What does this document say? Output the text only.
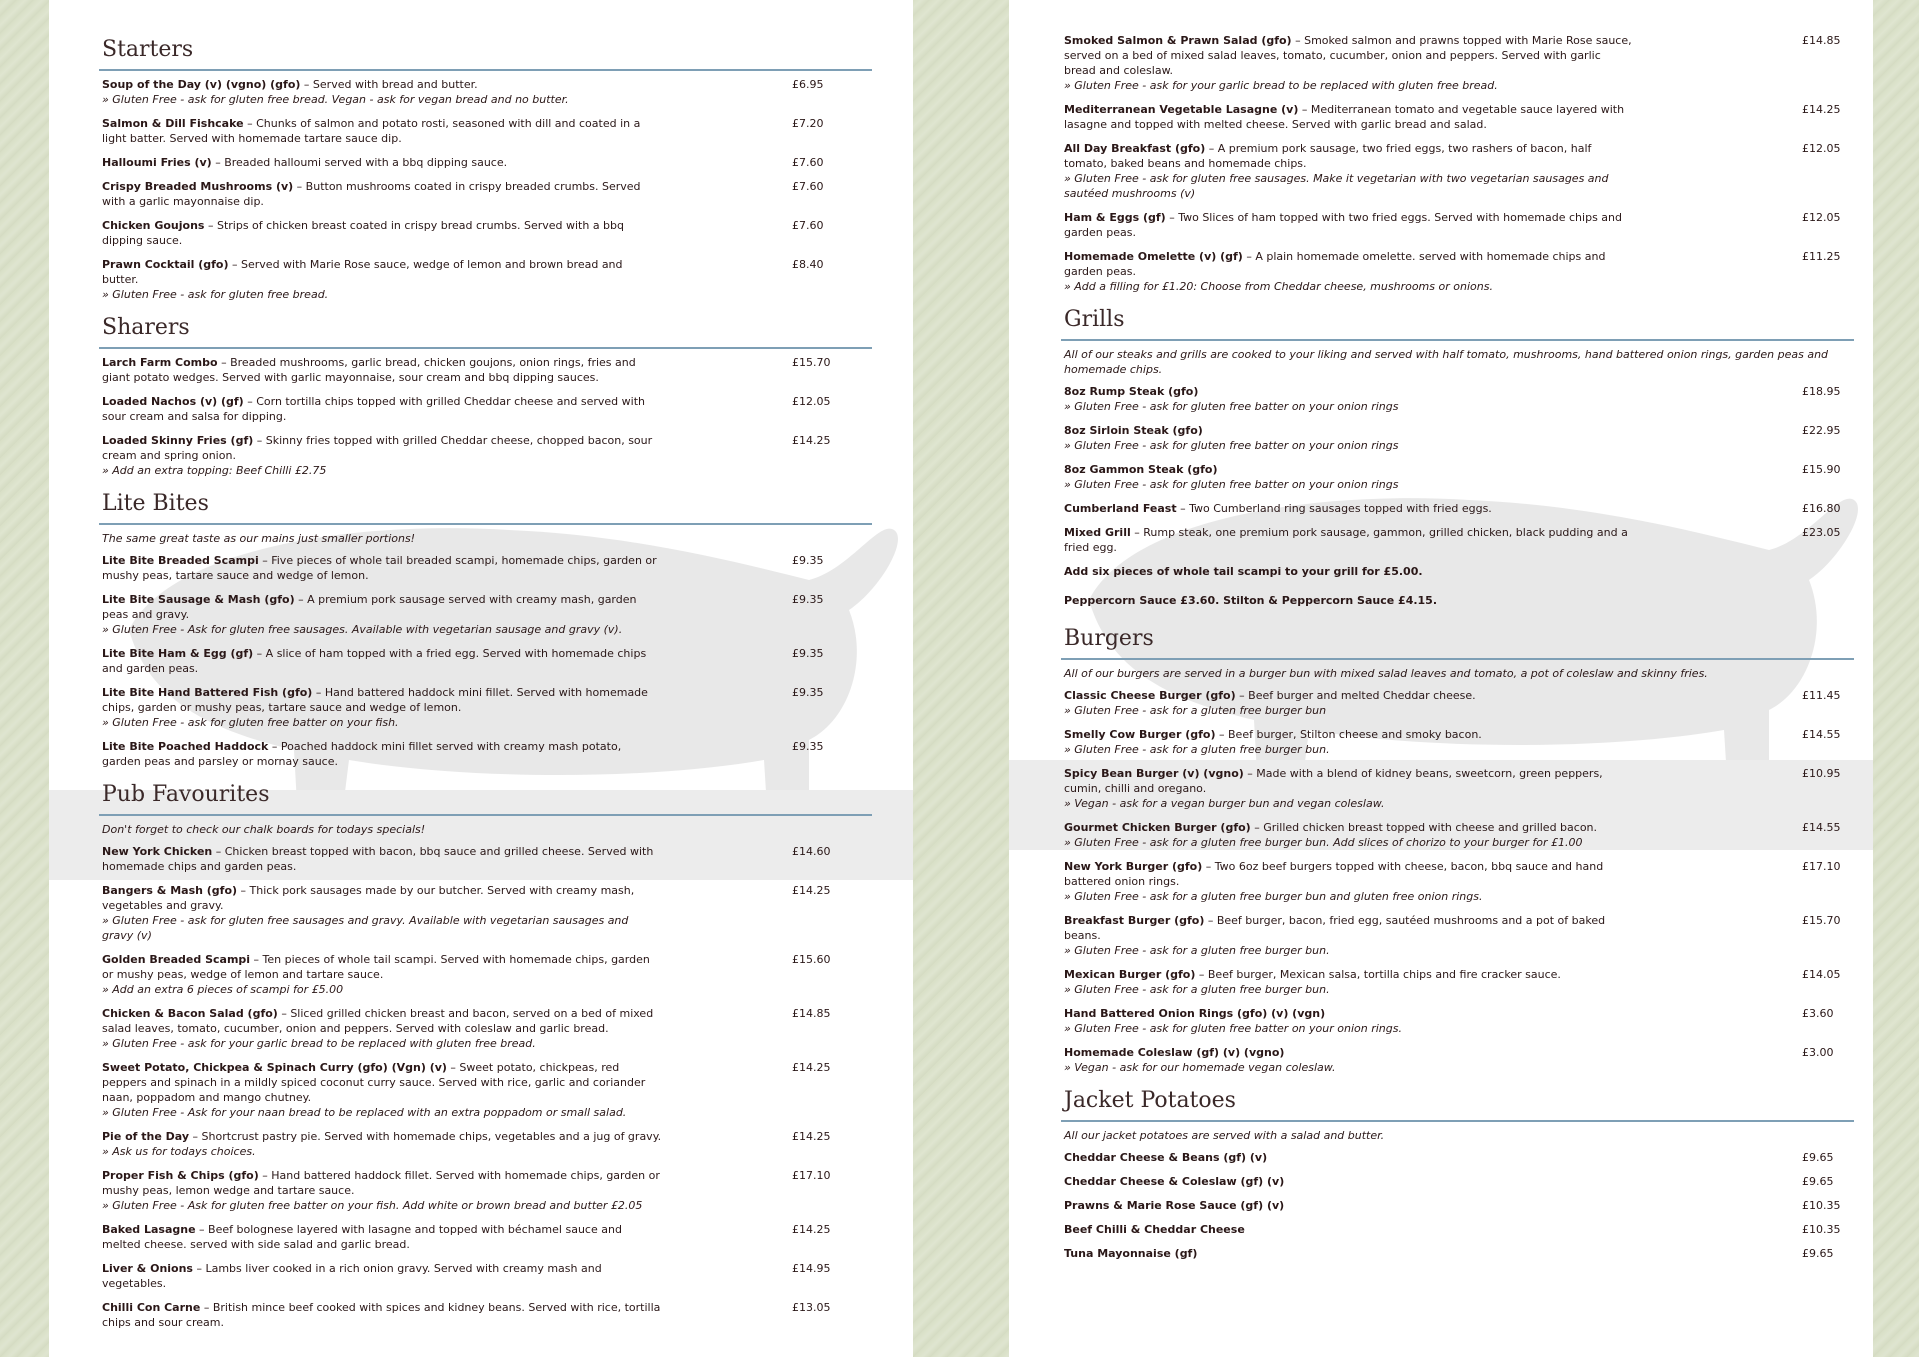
Starters
Soup of the Day (v) (vgno) (gfo) – Served with bread and butter.
» Gluten Free - ask for gluten free bread. Vegan - ask for vegan bread and no butter.
£6.95
Salmon & Dill Fishcake – Chunks of salmon and potato rosti, seasoned with dill and coated in a light batter. Served with homemade tartare sauce dip.
£7.20
Halloumi Fries (v) – Breaded halloumi served with a bbq dipping sauce.	£7.60
Crispy Breaded Mushrooms (v) – Button mushrooms coated in crispy breaded crumbs. Served with a garlic mayonnaise dip.
£7.60
Chicken Goujons – Strips of chicken breast coated in crispy bread crumbs. Served with a bbq dipping sauce.
£7.60
Prawn Cocktail (gfo) – Served with Marie Rose sauce, wedge of lemon and brown bread and butter.
» Gluten Free - ask for gluten free bread.
£8.40
Sharers
Larch Farm Combo – Breaded mushrooms, garlic bread, chicken goujons, onion rings, fries and giant potato wedges. Served with garlic mayonnaise, sour cream and bbq dipping sauces.
£15.70
Loaded Nachos (v) (gf) – Corn tortilla chips topped with grilled Cheddar cheese and served with sour cream and salsa for dipping.
£12.05
Loaded Skinny Fries (gf) – Skinny fries topped with grilled Cheddar cheese, chopped bacon, sour cream and spring onion.
» Add an extra topping: Beef Chilli £2.75
£14.25
Lite Bites
The same great taste as our mains just smaller portions!
Lite Bite Breaded Scampi – Five pieces of whole tail breaded scampi, homemade chips, garden or mushy peas, tartare sauce and wedge of lemon.
£9.35
Lite Bite Sausage & Mash (gfo) – A premium pork sausage served with creamy mash, garden peas and gravy.
» Gluten Free - Ask for gluten free sausages. Available with vegetarian sausage and gravy (v).
£9.35
Lite Bite Ham & Egg (gf) – A slice of ham topped with a fried egg. Served with homemade chips and garden peas.
£9.35
Lite Bite Hand Battered Fish (gfo) – Hand battered haddock mini fillet. Served with homemade chips, garden or mushy peas, tartare sauce and wedge of lemon.
» Gluten Free - ask for gluten free batter on your fish.
£9.35
Lite Bite Poached Haddock – Poached haddock mini fillet served with creamy mash potato, garden peas and parsley or mornay sauce.
£9.35
Pub Favourites
Don't forget to check our chalk boards for todays specials!
New York Chicken – Chicken breast topped with bacon, bbq sauce and grilled cheese. Served with homemade chips and garden peas.
£14.60
Bangers & Mash (gfo) – Thick pork sausages made by our butcher. Served with creamy mash, vegetables and gravy.
» Gluten Free - ask for gluten free sausages and gravy. Available with vegetarian sausages and gravy (v)
£14.25
Golden Breaded Scampi – Ten pieces of whole tail scampi. Served with homemade chips, garden or mushy peas, wedge of lemon and tartare sauce.
» Add an extra 6 pieces of scampi for £5.00
£15.60
Chicken & Bacon Salad (gfo) – Sliced grilled chicken breast and bacon, served on a bed of mixed salad leaves, tomato, cucumber, onion and peppers. Served with coleslaw and garlic bread.
» Gluten Free - ask for your garlic bread to be replaced with gluten free bread.
£14.85
Sweet Potato, Chickpea & Spinach Curry (gfo) (Vgn) (v) – Sweet potato, chickpeas, red peppers and spinach in a mildly spiced coconut curry sauce. Served with rice, garlic and coriander naan, poppadom and mango chutney.
» Gluten Free - Ask for your naan bread to be replaced with an extra poppadom or small salad.
£14.25
Pie of the Day – Shortcrust pastry pie. Served with homemade chips, vegetables and a jug of gravy.
» Ask us for todays choices.
£14.25
Proper Fish & Chips (gfo) – Hand battered haddock fillet. Served with homemade chips, garden or mushy peas, lemon wedge and tartare sauce.
» Gluten Free - Ask for gluten free batter on your fish. Add white or brown bread and butter £2.05
£17.10
Baked Lasagne – Beef bolognese layered with lasagne and topped with béchamel sauce and melted cheese. served with side salad and garlic bread.
£14.25
Liver & Onions – Lambs liver cooked in a rich onion gravy. Served with creamy mash and vegetables.
£14.95
Chilli Con Carne – British mince beef cooked with spices and kidney beans. Served with rice, tortilla chips and sour cream.
£13.05
Smoked Salmon & Prawn Salad (gfo) – Smoked salmon and prawns topped with Marie Rose sauce, served on a bed of mixed salad leaves, tomato, cucumber, onion and peppers. Served with garlic bread and coleslaw.
» Gluten Free - ask for your garlic bread to be replaced with gluten free bread.
£14.85
Mediterranean Vegetable Lasagne (v) – Mediterranean tomato and vegetable sauce layered with lasagne and topped with melted cheese. Served with garlic bread and salad.
£14.25
All Day Breakfast (gfo) – A premium pork sausage, two fried eggs, two rashers of bacon, half tomato, baked beans and homemade chips.
» Gluten Free - ask for gluten free sausages. Make it vegetarian with two vegetarian sausages and sautéed mushrooms (v)
£12.05
Ham & Eggs (gf) – Two Slices of ham topped with two fried eggs. Served with homemade chips and garden peas.
£12.05
Homemade Omelette (v) (gf) – A plain homemade omelette. served with homemade chips and garden peas.
» Add a filling for £1.20: Choose from Cheddar cheese, mushrooms or onions.
£11.25
Grills
All of our steaks and grills are cooked to your liking and served with half tomato, mushrooms, hand battered onion rings, garden peas and homemade chips.
8oz Rump Steak (gfo)
» Gluten Free - ask for gluten free batter on your onion rings
£18.95
8oz Sirloin Steak (gfo)
» Gluten Free - ask for gluten free batter on your onion rings
£22.95
8oz Gammon Steak (gfo)
» Gluten Free - ask for gluten free batter on your onion rings
£15.90
Cumberland Feast – Two Cumberland ring sausages topped with fried eggs.	£16.80
Mixed Grill – Rump steak, one premium pork sausage, gammon, grilled chicken, black pudding and a fried egg.
£23.05
Add six pieces of whole tail scampi to your grill for £5.00.
Peppercorn Sauce £3.60. Stilton & Peppercorn Sauce £4.15.
Burgers
All of our burgers are served in a burger bun with mixed salad leaves and tomato, a pot of coleslaw and skinny fries.
Classic Cheese Burger (gfo) – Beef burger and melted Cheddar cheese.
» Gluten Free - ask for a gluten free burger bun
£11.45
Smelly Cow Burger (gfo) – Beef burger, Stilton cheese and smoky bacon.
» Gluten Free - ask for a gluten free burger bun.
£14.55
Spicy Bean Burger (v) (vgno) – Made with a blend of kidney beans, sweetcorn, green peppers, cumin, chilli and oregano.
» Vegan - ask for a vegan burger bun and vegan coleslaw.
£10.95
Gourmet Chicken Burger (gfo) – Grilled chicken breast topped with cheese and grilled bacon.
» Gluten Free - ask for a gluten free burger bun. Add slices of chorizo to your burger for £1.00
£14.55
New York Burger (gfo) – Two 6oz beef burgers topped with cheese, bacon, bbq sauce and hand battered onion rings.
» Gluten Free - ask for a gluten free burger bun and gluten free onion rings.
£17.10
Breakfast Burger (gfo) – Beef burger, bacon, fried egg, sautéed mushrooms and a pot of baked beans.
» Gluten Free - ask for a gluten free burger bun.
£15.70
Mexican Burger (gfo) – Beef burger, Mexican salsa, tortilla chips and fire cracker sauce.
» Gluten Free - ask for a gluten free burger bun.
£14.05
Hand Battered Onion Rings (gfo) (v) (vgn)
» Gluten Free - ask for gluten free batter on your onion rings.
£3.60
Homemade Coleslaw (gf) (v) (vgno)
» Vegan - ask for our homemade vegan coleslaw.
£3.00
Jacket Potatoes
All our jacket potatoes are served with a salad and butter.
Cheddar Cheese & Beans (gf) (v)	£9.65
Cheddar Cheese & Coleslaw (gf) (v)	£9.65
Prawns & Marie Rose Sauce (gf) (v)	£10.35
Beef Chilli & Cheddar Cheese	£10.35
Tuna Mayonnaise (gf)	£9.65
